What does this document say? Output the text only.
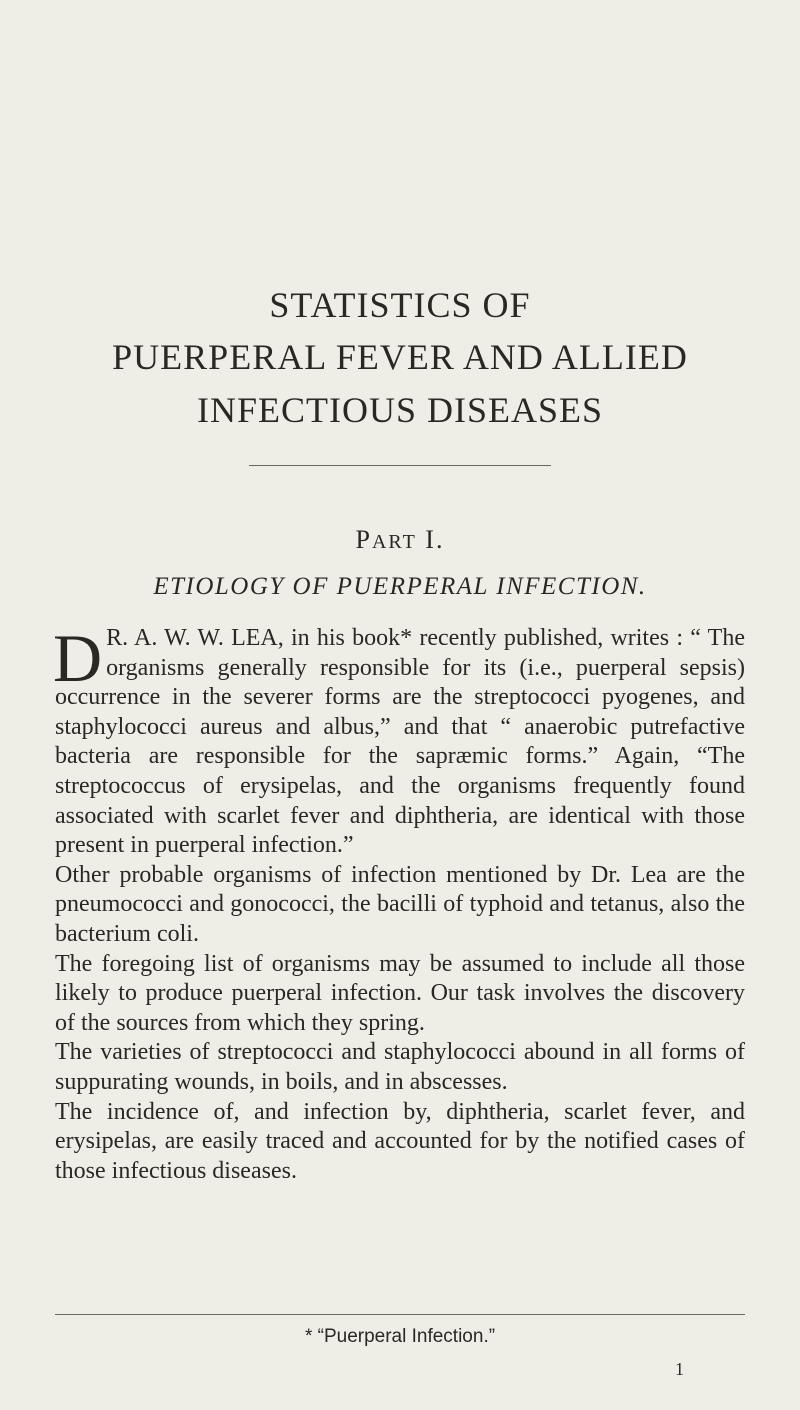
STATISTICS OF
PUERPERAL FEVER AND ALLIED
INFECTIOUS DISEASES
PART I.
ETIOLOGY OF PUERPERAL INFECTION.

D R. A. W. W. LEA, in his book* recently published, writes : “ The organisms generally responsible for its (i.e., puerperal sepsis) occurrence in the severer forms are the streptococci pyogenes, and staphylococci aureus and albus,” and that “ anaerobic putrefactive bacteria are responsible for the sapræmic forms.” Again, “The streptococcus of erysipelas, and the organisms frequently found associated with scarlet fever and diphtheria, are identical with those present in puerperal infection.”

Other probable organisms of infection mentioned by Dr. Lea are the pneumococci and gonococci, the bacilli of typhoid and tetanus, also the bacterium coli.

The foregoing list of organisms may be assumed to include all those likely to produce puerperal infection. Our task involves the discovery of the sources from which they spring.

The varieties of streptococci and staphylococci abound in all forms of suppurating wounds, in boils, and in abscesses.

The incidence of, and infection by, diphtheria, scarlet fever, and erysipelas, are easily traced and accounted for by the notified cases of those infectious diseases.

* “Puerperal Infection.”
1
